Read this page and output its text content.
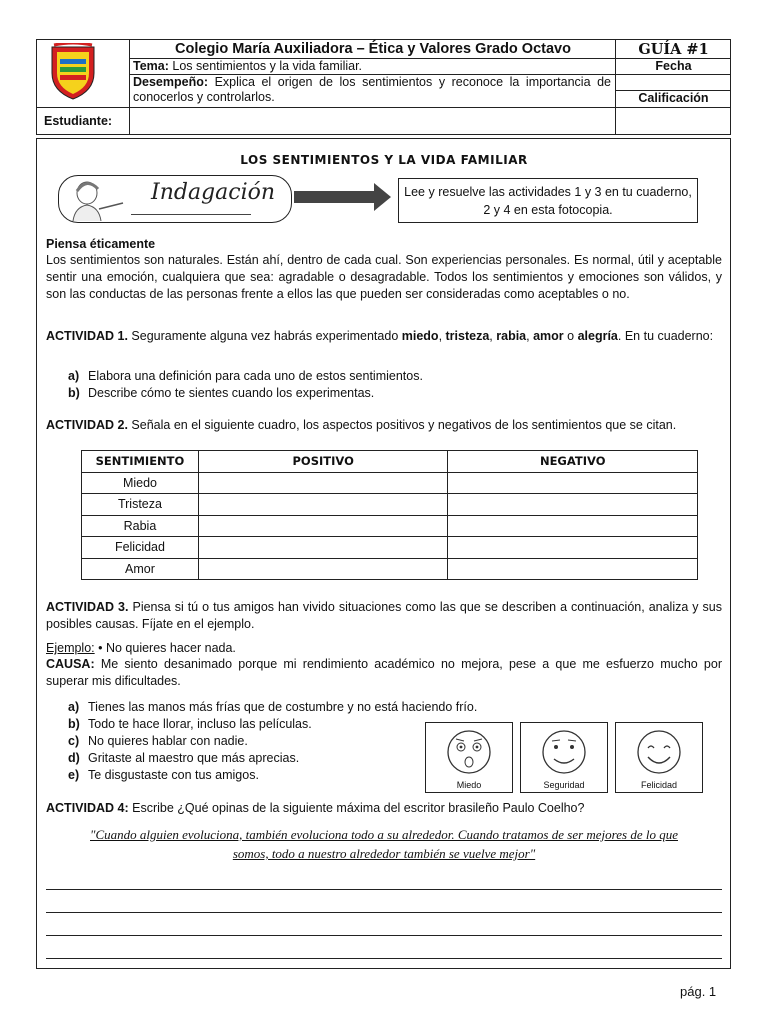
Colegio María Auxiliadora – Ética y Valores Grado Octavo	GUÍA #1
Tema: Los sentimientos y la vida familiar.	Fecha
Desempeño: Explica el origen de los sentimientos y reconoce la importancia de conocerlos y controlarlos.	Calificación
Estudiante:
LOS SENTIMIENTOS Y LA VIDA FAMILIAR
Indagación	Lee y resuelve las actividades 1 y 3 en tu cuaderno, 2 y 4 en esta fotocopia.

Piensa éticamente

Los sentimientos son naturales. Están ahí, dentro de cada cual. Son experiencias personales. Es normal, útil y aceptable sentir una emoción, cualquiera que sea: agradable o desagradable. Todos los sentimientos y emociones son válidos, y son las conductas de las personas frente a ellos las que pueden ser consideradas como aceptables o no.

ACTIVIDAD 1. Seguramente alguna vez habrás experimentado miedo, tristeza, rabia, amor o alegría. En tu cuaderno:

a) Elabora una definición para cada uno de estos sentimientos.
b) Describe cómo te sientes cuando los experimentas.

ACTIVIDAD 2. Señala en el siguiente cuadro, los aspectos positivos y negativos de los sentimientos que se citan.

SENTIMIENTO	POSITIVO	NEGATIVO
Miedo		
Tristeza		
Rabia		
Felicidad		
Amor		

ACTIVIDAD 3. Piensa si tú o tus amigos han vivido situaciones como las que se describen a continuación, analiza y sus posibles causas. Fíjate en el ejemplo.

Ejemplo: • No quieres hacer nada.

CAUSA: Me siento desanimado porque mi rendimiento académico no mejora, pese a que me esfuerzo mucho por superar mis dificultades.

a) Tienes las manos más frías que de costumbre y no está haciendo frío.
b) Todo te hace llorar, incluso las películas.
c) No quieres hablar con nadie.
d) Gritaste al maestro que más aprecias.
e) Te disgustaste con tus amigos.
Miedo	Seguridad	Felicidad

ACTIVIDAD 4: Escribe ¿Qué opinas de la siguiente máxima del escritor brasileño Paulo Coelho?

"Cuando alguien evoluciona, también evoluciona todo a su alrededor. Cuando tratamos de ser mejores de lo que
somos, todo a nuestro alrededor también se vuelve mejor"
pág. 1
